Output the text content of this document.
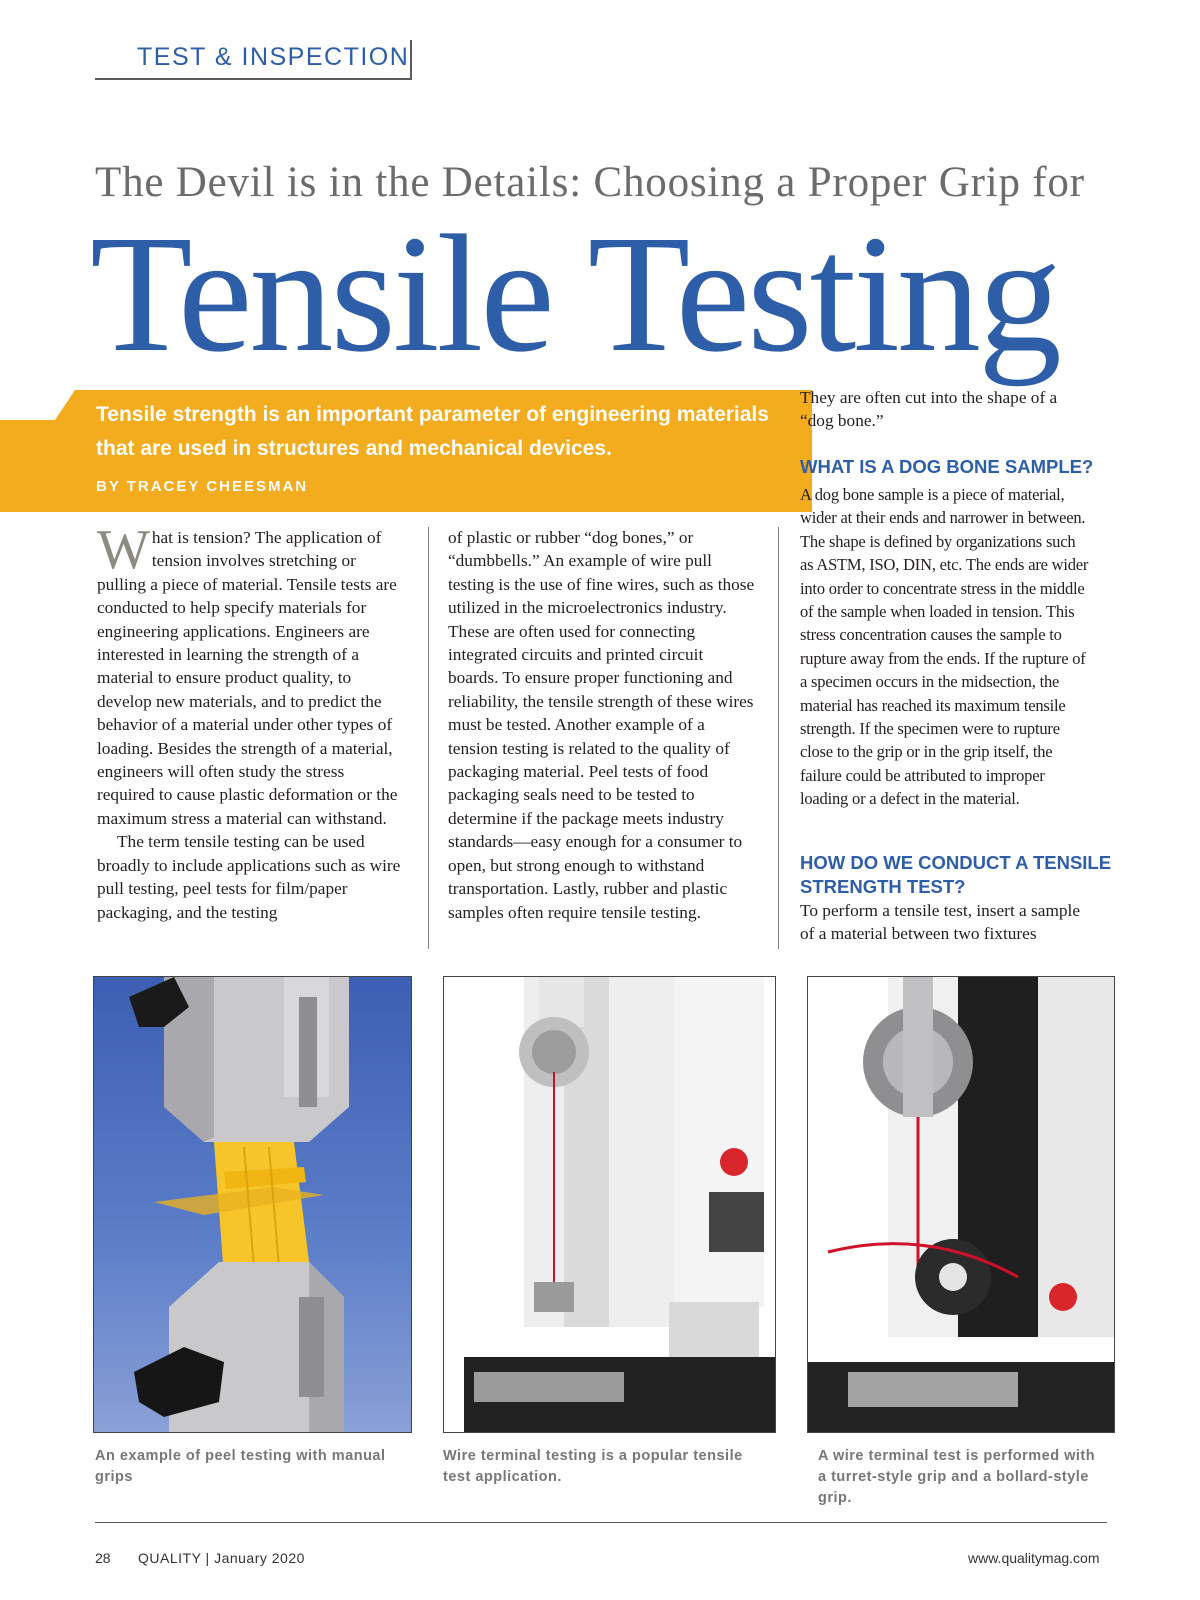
TEST & INSPECTION
The Devil is in the Details: Choosing a Proper Grip for
Tensile Testing
Tensile strength is an important parameter of engineering materials that are used in structures and mechanical devices.
BY TRACEY CHEESMAN

What is tension? The application of tension involves stretching or pulling a piece of material. Tensile tests are conducted to help specify materials for engineering applications. Engineers are interested in learning the strength of a material to ensure product quality, to develop new materials, and to predict the behavior of a material under other types of loading. Besides the strength of a material, engineers will often study the stress required to cause plastic deformation or the maximum stress a material can withstand.

The term tensile testing can be used broadly to include applications such as wire pull testing, peel tests for film/paper packaging, and the testing

of plastic or rubber “dog bones,” or “dumbbells.” An example of wire pull testing is the use of fine wires, such as those utilized in the microelectronics industry. These are often used for connecting integrated circuits and printed circuit boards. To ensure proper functioning and reliability, the tensile strength of these wires must be tested. Another example of a tension testing is related to the quality of packaging material. Peel tests of food packaging seals need to be tested to determine if the package meets industry standards—easy enough for a consumer to open, but strong enough to withstand transportation. Lastly, rubber and plastic samples often require tensile testing.

They are often cut into the shape of a “dog bone.”
WHAT IS A DOG BONE SAMPLE?

A dog bone sample is a piece of material, wider at their ends and narrower in between. The shape is defined by organizations such as ASTM, ISO, DIN, etc. The ends are wider into order to concentrate stress in the middle of the sample when loaded in tension. This stress concentration causes the sample to rupture away from the ends. If the rupture of a specimen occurs in the midsection, the material has reached its maximum tensile strength. If the specimen were to rupture close to the grip or in the grip itself, the failure could be attributed to improper loading or a defect in the material.

HOW DO WE CONDUCT A TENSILE STRENGTH TEST?
To perform a tensile test, insert a sample of a material between two fixtures
An example of peel testing with manual grips
Wire terminal testing is a popular tensile test application.
A wire terminal test is performed with a turret-style grip and a bollard-style grip.
28 QUALITY | January 2020	www.qualitymag.com
